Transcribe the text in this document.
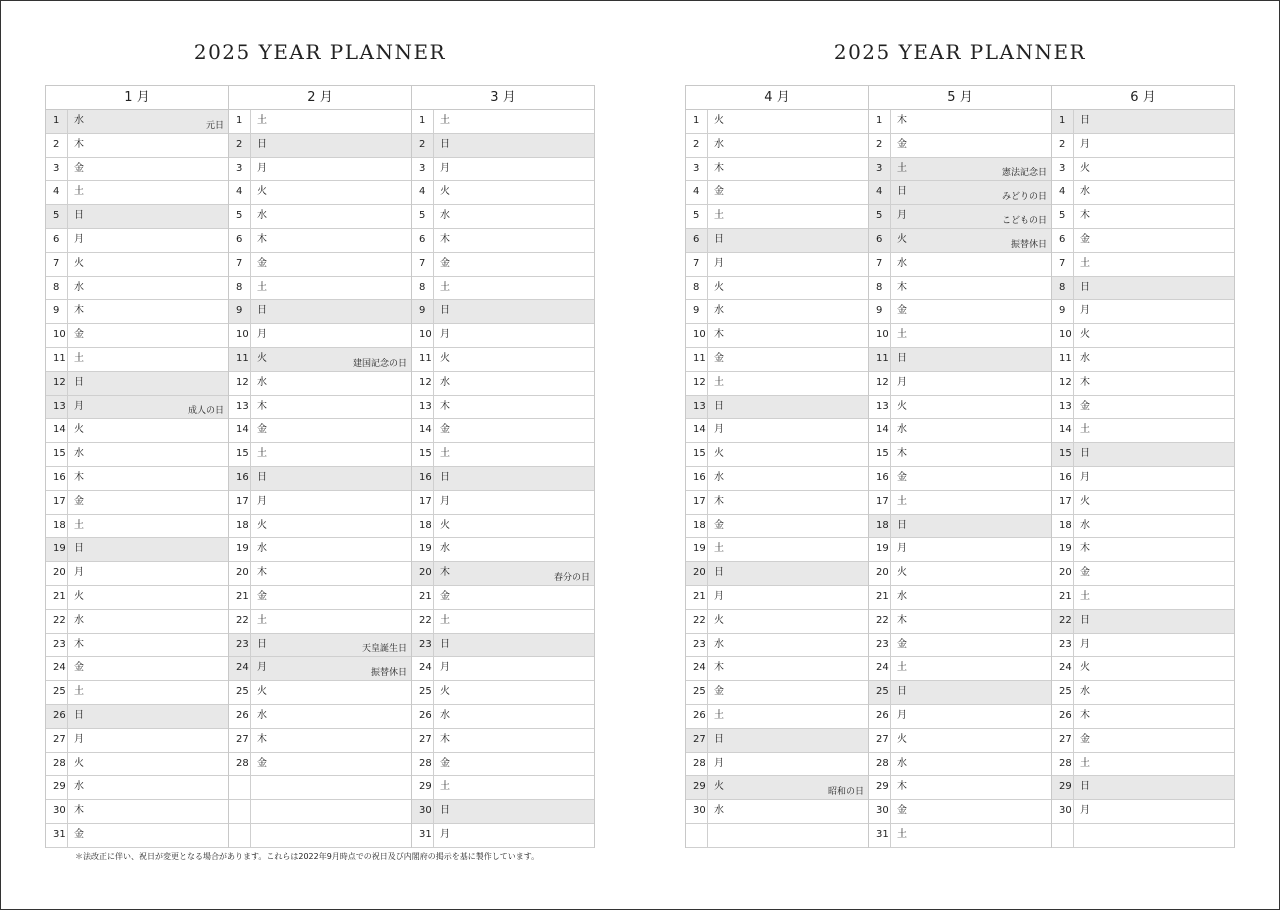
2025 YEAR PLANNER
1 月
1	水	元日
2	木
3	金
4	土
5	日
6	月
7	火
8	水
9	木
10 金
11 土
12 日
13 月	成人の日
14 火
15 水
16 木
17 金
18 土
19 日
20 月
21 火
22 水
23 木
24 金
25 土
26 日
27 月
28 火
29 水
30 木
31 金
2 月
1	土
2	日
3	月
4	火
5	水
6	木
7	金
8	土
9	日
10 月
11 火	建国記念の日
12 水
13 木
14 金
15 土
16 日
17 月
18 火
19 水
20 木
21 金
22 土
23 日	天皇誕生日
24 月	振替休日
25 火
26 水
27 木
28 金
3 月
1	土
2	日
3	月
4	火
5	水
6	木
7	金
8	土
9	日
10 月
11 火
12 水
13 木
14 金
15 土
16 日
17 月
18 火
19 水
20 木	春分の日
21 金
22 土
23 日
24 月
25 火
26 水
27 木
28 金
29 土
30 日
31 月
＊法改正に伴い、祝日が変更となる場合があります。これらは2022年9月時点での祝日及び内閣府の掲示を基に製作しています。
2025 YEAR PLANNER
4 月
1	火
2	水
3	木
4	金
5	土
6	日
7	月
8	火
9	水
10 木
11 金
12 土
13 日
14 月
15 火
16 水
17 木
18 金
19 土
20 日
21 月
22 火
23 水
24 木
25 金
26 土
27 日
28 月
29 火	昭和の日
30 水
5 月
1	木
2	金
3	土	憲法記念日
4	日	みどりの日
5	月	こどもの日
6	火	振替休日
7	水
8	木
9	金
10 土
11 日
12 月
13 火
14 水
15 木
16 金
17 土
18 日
19 月
20 火
21 水
22 木
23 金
24 土
25 日
26 月
27 火
28 水
29 木
30 金
31 土
6 月
1	日
2	月
3	火
4	水
5	木
6	金
7	土
8	日
9	月
10 火
11 水
12 木
13 金
14 土
15 日
16 月
17 火
18 水
19 木
20 金
21 土
22 日
23 月
24 火
25 水
26 木
27 金
28 土
29 日
30 月
